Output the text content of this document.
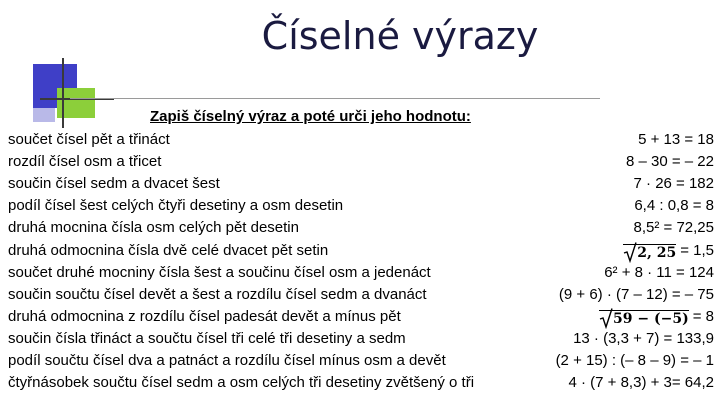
Číselné výrazy
Zapiš číselný výraz a poté urči jeho hodnotu:
součet čísel pět a třináct	5 + 13 = 18
rozdíl čísel osm a třicet	8 – 30 = – 22
součin čísel sedm a dvacet šest	7 · 26 = 182
podíl čísel šest celých čtyři desetiny a osm desetin	6,4 : 0,8 = 8
druhá mocnina čísla osm celých pět desetin	8,5² = 72,25
druhá odmocnina čísla dvě celé dvacet pět setin	2, 25 = 1,5
součet druhé mocniny čísla šest a součinu čísel osm a jedenáct	6² + 8 · 11 = 124
součin součtu čísel devět a šest a rozdílu čísel sedm a dvanáct	(9 + 6) · (7 – 12) = – 75
druhá odmocnina z rozdílu čísel padesát devět a mínus pět	59 − (−5) = 8
součin čísla třináct a součtu čísel tři celé tři desetiny a sedm	13 · (3,3 + 7) = 133,9
podíl součtu čísel dva a patnáct a rozdílu čísel mínus osm a devět	(2 + 15) : (– 8 – 9) = – 1
čtyřnásobek součtu čísel sedm a osm celých tři desetiny zvětšený o tři	4 · (7 + 8,3) + 3= 64,2
